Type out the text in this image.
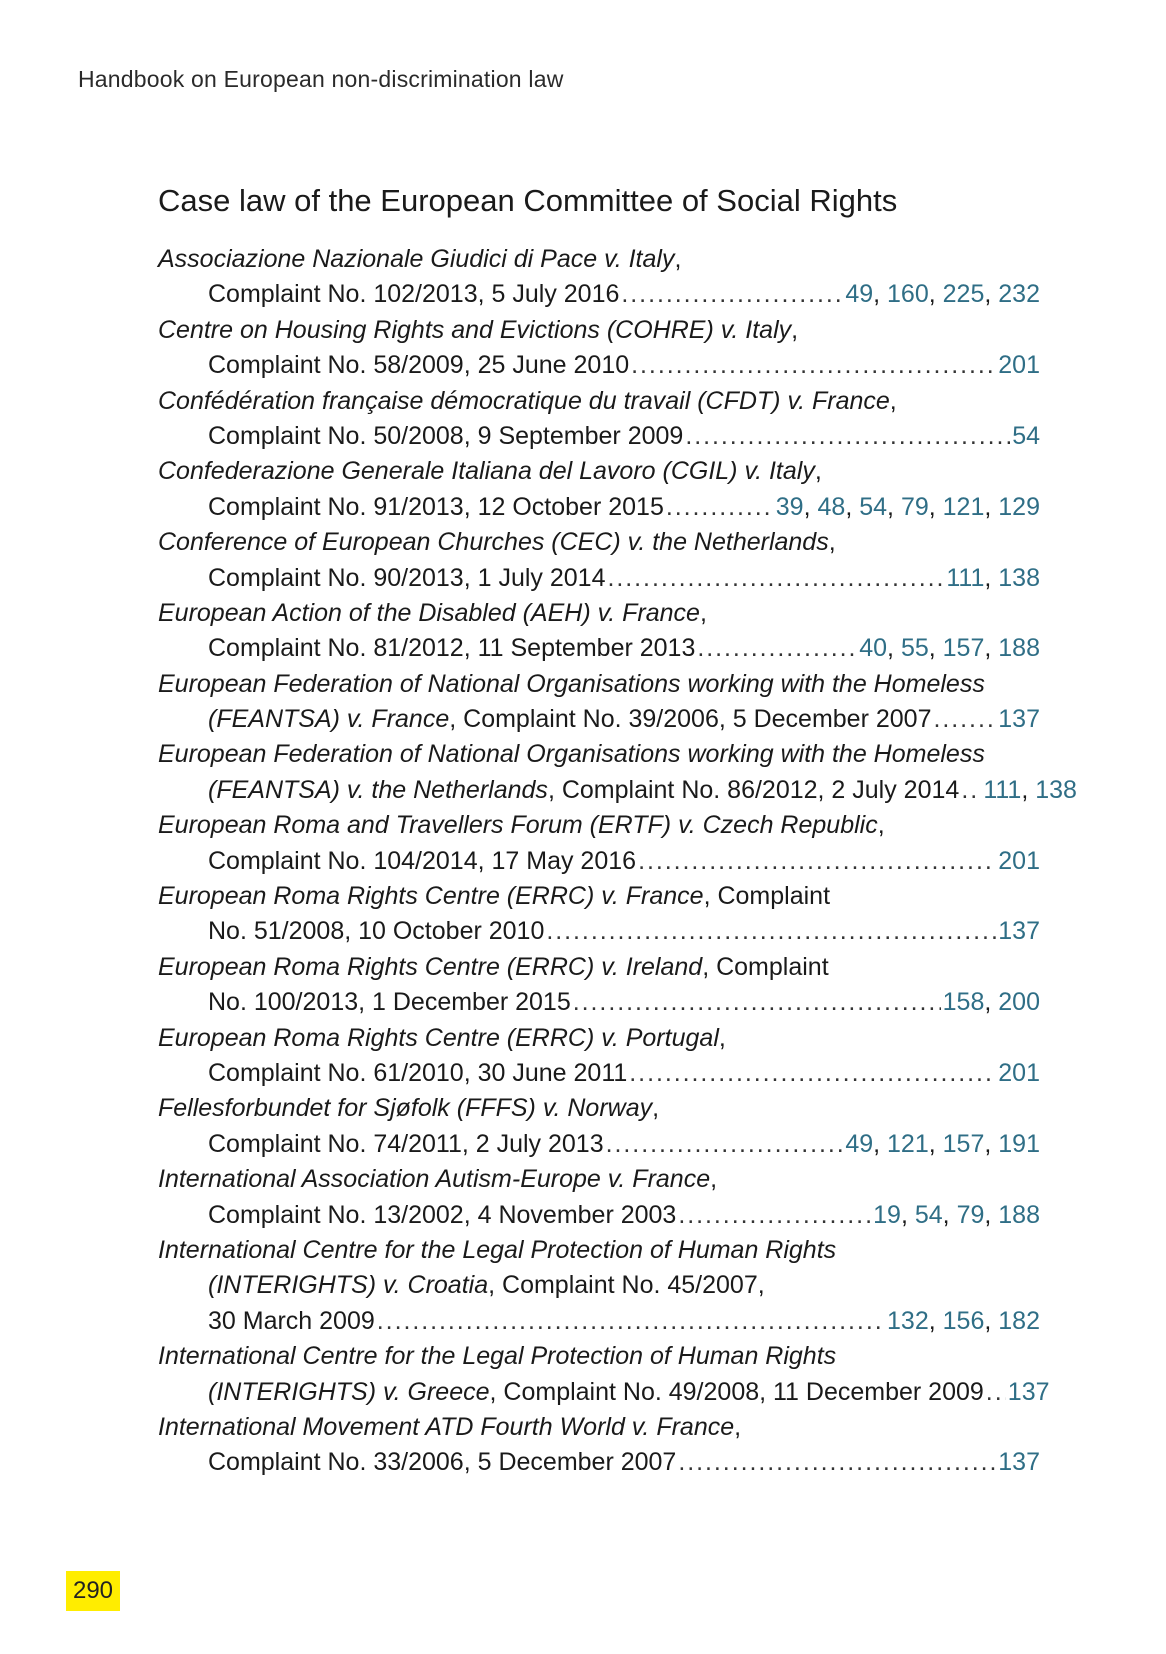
Handbook on European non-discrimination law
Case law of the European Committee of Social Rights
Associazione Nazionale Giudici di Pace v. Italy,
Complaint No. 102/2013, 5 July 2016 . . .	49, 160, 225, 232
Centre on Housing Rights and Evictions (COHRE) v. Italy,
Complaint No. 58/2009, 25 June 2010 . . .	201
Confédération française démocratique du travail (CFDT) v. France,
Complaint No. 50/2008, 9 September 2009 . . .	54
Confederazione Generale Italiana del Lavoro (CGIL) v. Italy,
Complaint No. 91/2013, 12 October 2015 . . .	39, 48, 54, 79, 121, 129
Conference of European Churches (CEC) v. the Netherlands,
Complaint No. 90/2013, 1 July 2014 . . .	111, 138
European Action of the Disabled (AEH) v. France,
Complaint No. 81/2012, 11 September 2013 . . .	40, 55, 157, 188
European Federation of National Organisations working with the Homeless
(FEANTSA) v. France, Complaint No. 39/2006, 5 December 2007 . . .	137
European Federation of National Organisations working with the Homeless
(FEANTSA) v. the Netherlands, Complaint No. 86/2012, 2 July 2014 . . . 111, 138
European Roma and Travellers Forum (ERTF) v. Czech Republic,
Complaint No. 104/2014, 17 May 2016 . . .	201
European Roma Rights Centre (ERRC) v. France, Complaint
No. 51/2008, 10 October 2010 . . .	137
European Roma Rights Centre (ERRC) v. Ireland, Complaint
No. 100/2013, 1 December 2015 . . .	158, 200
European Roma Rights Centre (ERRC) v. Portugal,
Complaint No. 61/2010, 30 June 2011 . . .	201
Fellesforbundet for Sjøfolk (FFFS) v. Norway,
Complaint No. 74/2011, 2 July 2013 . . .	49, 121, 157, 191
International Association Autism-Europe v. France,
Complaint No. 13/2002, 4 November 2003 . . .	19, 54, 79, 188
International Centre for the Legal Protection of Human Rights
(INTERIGHTS) v. Croatia, Complaint No. 45/2007,
30 March 2009 . . .	132, 156, 182
International Centre for the Legal Protection of Human Rights
(INTERIGHTS) v. Greece, Complaint No. 49/2008, 11 December 2009 . . . 137
International Movement ATD Fourth World v. France,
Complaint No. 33/2006, 5 December 2007 . . .	137
290
